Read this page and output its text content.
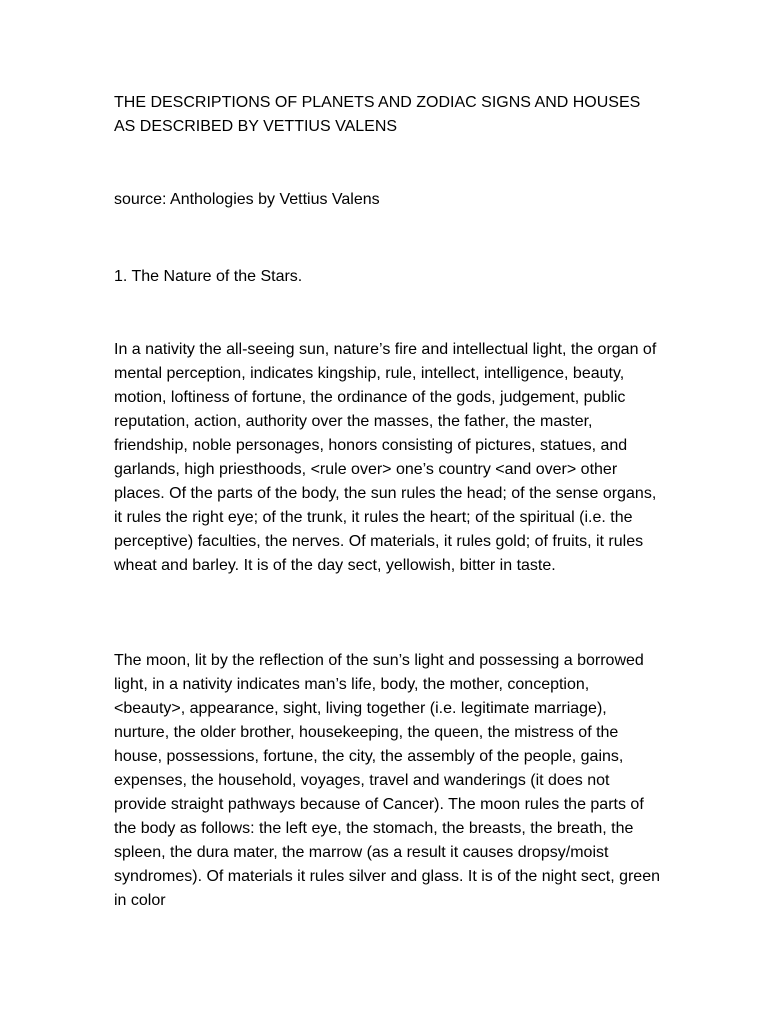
THE DESCRIPTIONS OF PLANETS AND ZODIAC SIGNS AND HOUSES AS DESCRIBED BY VETTIUS VALENS

source: Anthologies by Vettius Valens

1. The Nature of the Stars.

In a nativity the all-seeing sun, nature’s fire and intellectual light, the organ of mental perception, indicates kingship, rule, intellect, intelligence, beauty, motion, loftiness of fortune, the ordinance of the gods, judgement, public reputation, action, authority over the masses, the father, the master, friendship, noble personages, honors consisting of pictures, statues, and garlands, high priesthoods, <rule over> one’s country <and over> other places. Of the parts of the body, the sun rules the head; of the sense organs, it rules the right eye; of the trunk, it rules the heart; of the spiritual (i.e. the perceptive) faculties, the nerves. Of materials, it rules gold; of fruits, it rules wheat and barley. It is of the day sect, yellowish, bitter in taste.

The moon, lit by the reflection of the sun’s light and possessing a borrowed light, in a nativity indicates man’s life, body, the mother, conception, <beauty>, appearance, sight, living together (i.e. legitimate marriage), nurture, the older brother, housekeeping, the queen, the mistress of the house, possessions, fortune, the city, the assembly of the people, gains, expenses, the household, voyages, travel and wanderings (it does not provide straight pathways because of Cancer). The moon rules the parts of the body as follows: the left eye, the stomach, the breasts, the breath, the spleen, the dura mater, the marrow (as a result it causes dropsy/moist syndromes). Of materials it rules silver and glass. It is of the night sect, green in color
